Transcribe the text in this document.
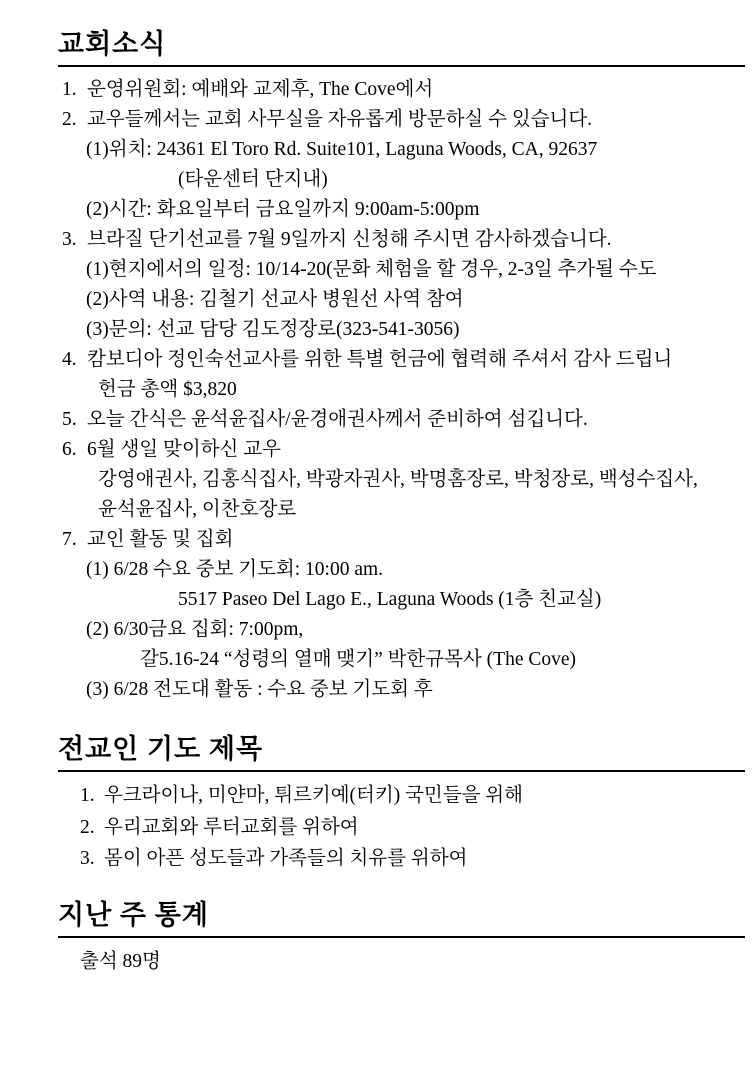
교회소식
1. 운영위원회: 예배와 교제후, The Cove에서
2. 교우들께서는 교회 사무실을 자유롭게 방문하실 수 있습니다.
(1)위치: 24361 El Toro Rd. Suite101, Laguna Woods, CA, 92637
(타운센터 단지내)
(2)시간: 화요일부터 금요일까지 9:00am-5:00pm
3. 브라질 단기선교를 7월 9일까지 신청해 주시면 감사하겠습니다.
(1)현지에서의 일정: 10/14-20(문화 체험을 할 경우, 2-3일 추가될 수도
(2)사역 내용: 김철기 선교사 병원선 사역 참여
(3)문의: 선교 담당 김도정장로(323-541-3056)
4. 캄보디아 정인숙선교사를 위한 특별 헌금에 협력해 주셔서 감사 드립니
헌금 총액 $3,820
5. 오늘 간식은 윤석윤집사/윤경애권사께서 준비하여 섬깁니다.
6. 6월 생일 맞이하신 교우
강영애권사, 김홍식집사, 박광자권사, 박명홈장로, 박청장로, 백성수집사,
윤석윤집사, 이찬호장로
7. 교인 활동 및 집회
(1) 6/28 수요 중보 기도회: 10:00 am.
5517 Paseo Del Lago E., Laguna Woods (1층 친교실)
(2) 6/30금요 집회: 7:00pm,
갈5.16-24 “성령의 열매 맺기” 박한규목사 (The Cove)
(3) 6/28 전도대 활동 : 수요 중보 기도회 후
전교인 기도 제목
1. 우크라이나, 미얀마, 튀르키예(터키) 국민들을 위해
2. 우리교회와 루터교회를 위하여
3. 몸이 아픈 성도들과 가족들의 치유를 위하여
지난 주 통계
출석 89명
